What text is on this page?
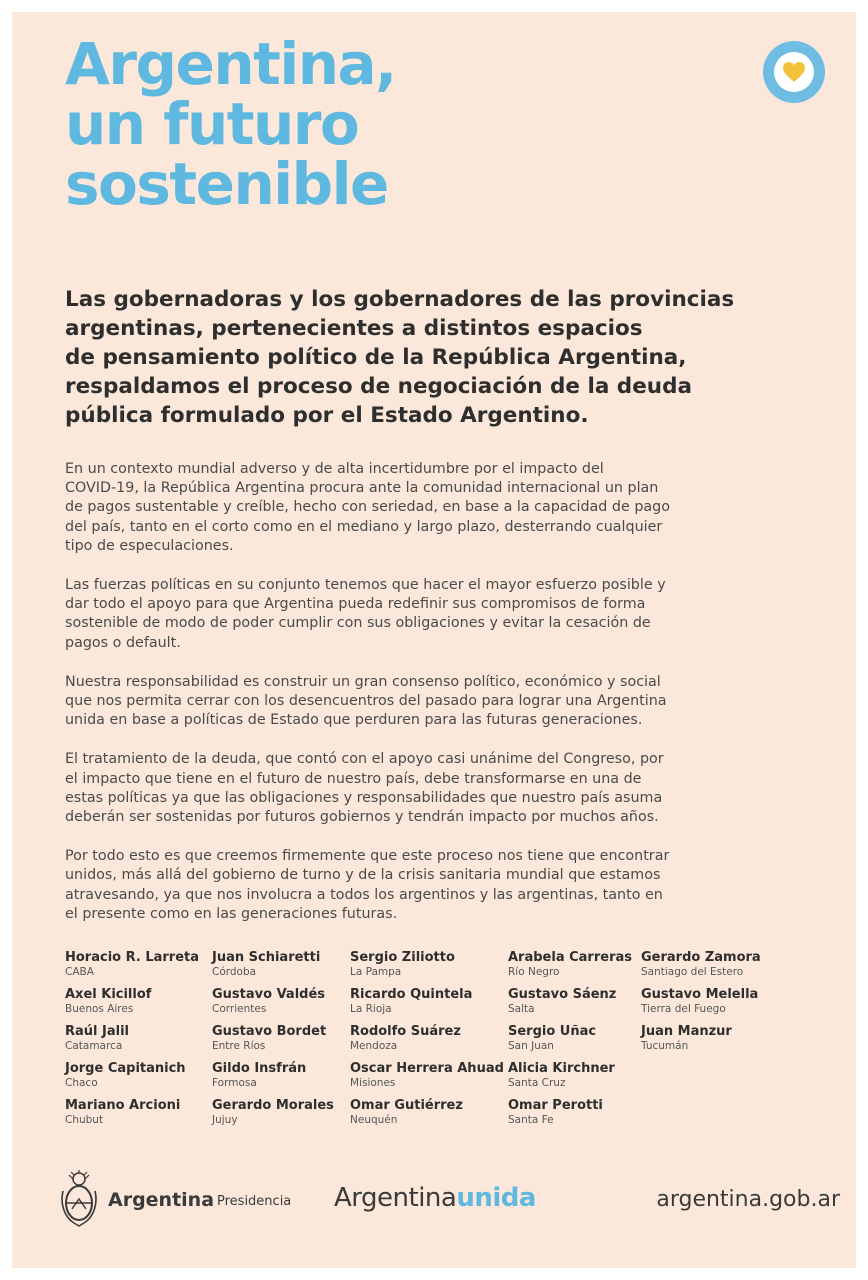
Argentina,
un futuro
sostenible
Las gobernadoras y los gobernadores de las provincias
argentinas, pertenecientes a distintos espacios
de pensamiento político de la República Argentina,
respaldamos el proceso de negociación de la deuda
pública formulado por el Estado Argentino.

En un contexto mundial adverso y de alta incertidumbre por el impacto del
COVID-19, la República Argentina procura ante la comunidad internacional un plan
de pagos sustentable y creíble, hecho con seriedad, en base a la capacidad de pago
del país, tanto en el corto como en el mediano y largo plazo, desterrando cualquier
tipo de especulaciones.

Las fuerzas políticas en su conjunto tenemos que hacer el mayor esfuerzo posible y
dar todo el apoyo para que Argentina pueda redefinir sus compromisos de forma
sostenible de modo de poder cumplir con sus obligaciones y evitar la cesación de
pagos o default.

Nuestra responsabilidad es construir un gran consenso político, económico y social
que nos permita cerrar con los desencuentros del pasado para lograr una Argentina
unida en base a políticas de Estado que perduren para las futuras generaciones.

El tratamiento de la deuda, que contó con el apoyo casi unánime del Congreso, por
el impacto que tiene en el futuro de nuestro país, debe transformarse en una de
estas políticas ya que las obligaciones y responsabilidades que nuestro país asuma
deberán ser sostenidas por futuros gobiernos y tendrán impacto por muchos años.

Por todo esto es que creemos firmemente que este proceso nos tiene que encontrar
unidos, más allá del gobierno de turno y de la crisis sanitaria mundial que estamos
atravesando, ya que nos involucra a todos los argentinos y las argentinas, tanto en
el presente como en las generaciones futuras.

Horacio R. Larreta
CABA
Axel Kicillof
Buenos Aires
Raúl Jalil
Catamarca
Jorge Capitanich
Chaco
Mariano Arcioni
Chubut
Juan Schiaretti
Córdoba
Gustavo Valdés
Corrientes
Gustavo Bordet
Entre Ríos
Gildo Insfrán
Formosa
Gerardo Morales
Jujuy
Sergio Ziliotto
La Pampa
Ricardo Quintela
La Rioja
Rodolfo Suárez
Mendoza
Oscar Herrera Ahuad
Misiones
Omar Gutiérrez
Neuquén
Arabela Carreras
Río Negro
Gustavo Sáenz
Salta
Sergio Uñac
San Juan
Alicia Kirchner
Santa Cruz
Omar Perotti
Santa Fe
Gerardo Zamora
Santiago del Estero
Gustavo Melella
Tierra del Fuego
Juan Manzur
Tucumán
Argentina Presidencia Argentinaunida	argentina.gob.ar
